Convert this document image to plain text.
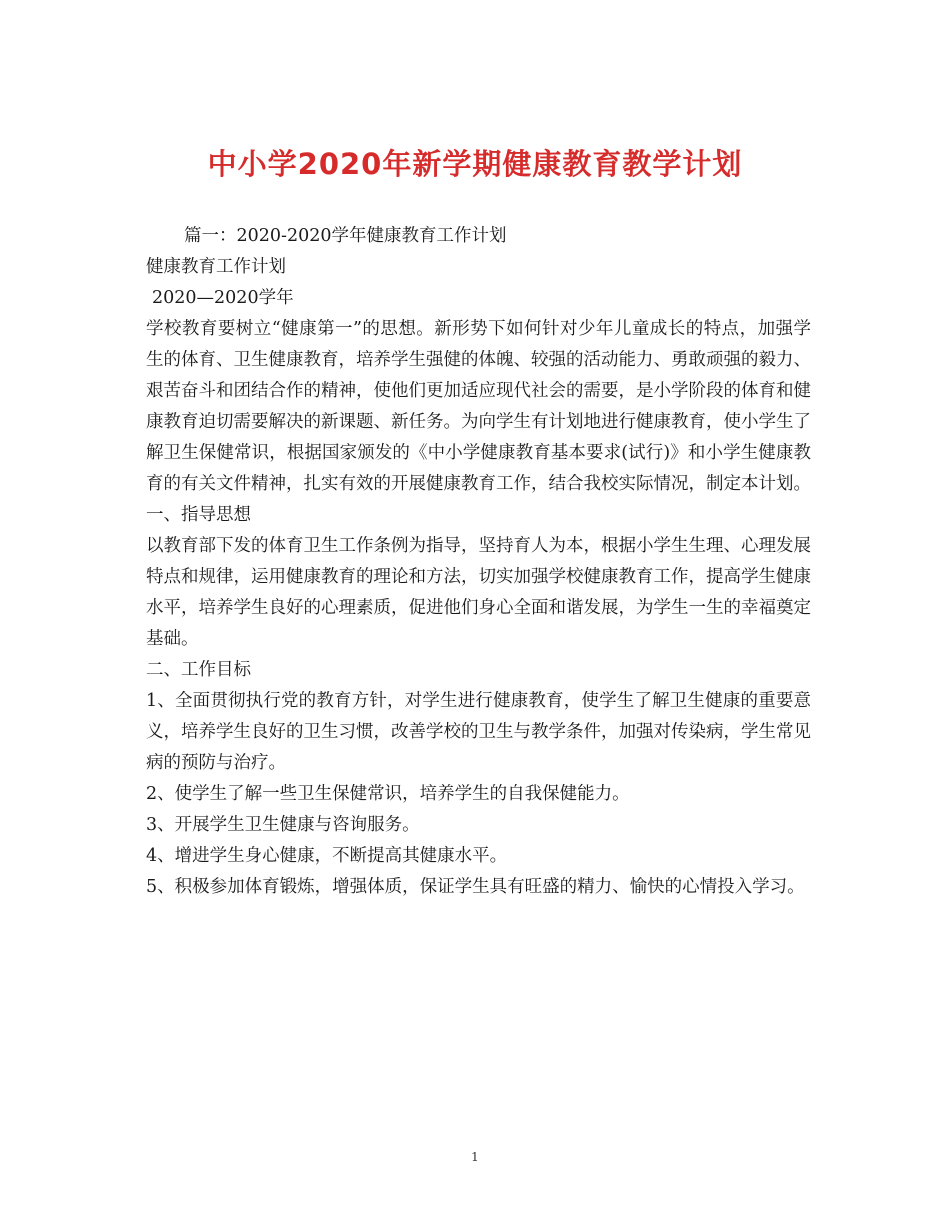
中小学2020年新学期健康教育教学计划

篇一：2020-2020学年健康教育工作计划

健康教育工作计划

2020—2020学年

学校教育要树立“健康第一”的思想。新形势下如何针对少年儿童成长的特点，加强学生的体育、卫生健康教育，培养学生强健的体魄、较强的活动能力、勇敢顽强的毅力、艰苦奋斗和团结合作的精神，使他们更加适应现代社会的需要，是小学阶段的体育和健康教育迫切需要解决的新课题、新任务。为向学生有计划地进行健康教育，使小学生了解卫生保健常识，根据国家颁发的《中小学健康教育基本要求(试行)》和小学生健康教育的有关文件精神，扎实有效的开展健康教育工作，结合我校实际情况，制定本计划。

一、指导思想

以教育部下发的体育卫生工作条例为指导，坚持育人为本，根据小学生生理、心理发展特点和规律，运用健康教育的理论和方法，切实加强学校健康教育工作，提高学生健康水平，培养学生良好的心理素质，促进他们身心全面和谐发展，为学生一生的幸福奠定基础。

二、工作目标

1、全面贯彻执行党的教育方针，对学生进行健康教育，使学生了解卫生健康的重要意义，培养学生良好的卫生习惯，改善学校的卫生与教学条件，加强对传染病，学生常见病的预防与治疗。

2、使学生了解一些卫生保健常识，培养学生的自我保健能力。

3、开展学生卫生健康与咨询服务。

4、增进学生身心健康，不断提高其健康水平。

5、积极参加体育锻炼，增强体质，保证学生具有旺盛的精力、愉快的心情投入学习。

1
